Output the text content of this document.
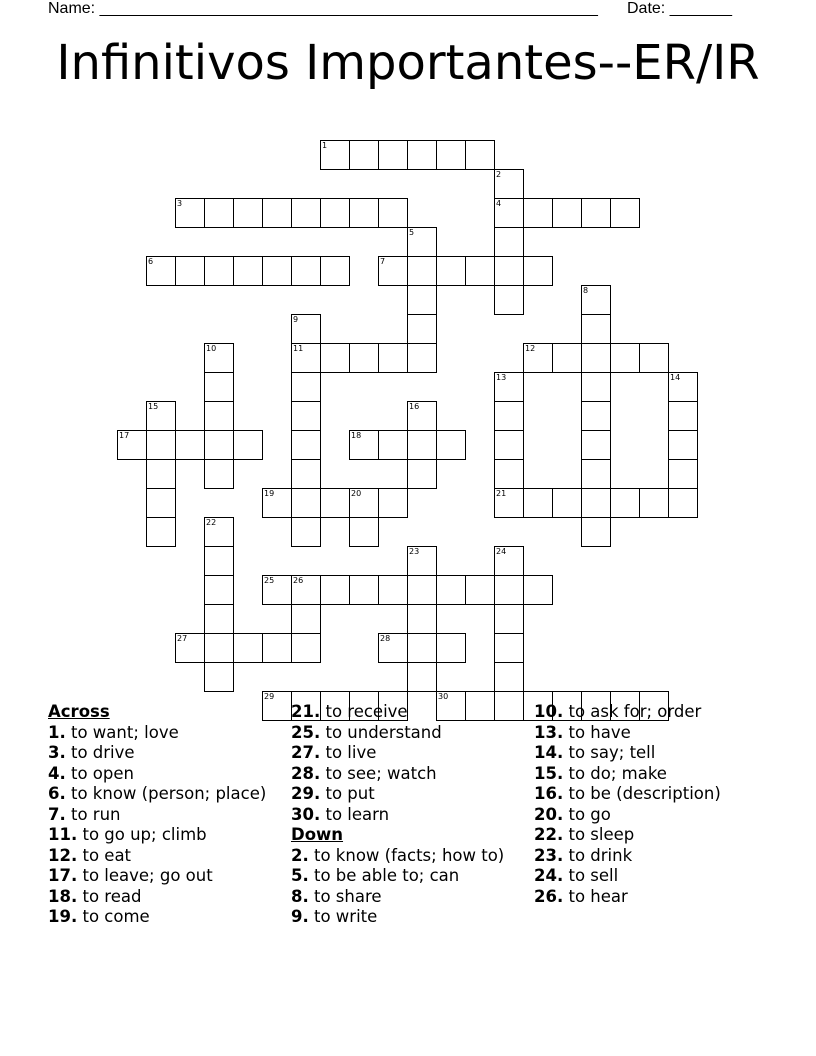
Name: ________________________________________________________ Date: _______
Infinitivos Importantes--ER/IR
1
2
3	4
5
6	7
8
9
10	11	12
13	14
15	16
17	18
19	20	21
22
23	24
25 26
27	28
29	30
Across
1. to want; love
3. to drive
4. to open
6. to know (person; place)
7. to run
11. to go up; climb
12. to eat
17. to leave; go out
18. to read
19. to come
21. to receive
25. to understand
27. to live
28. to see; watch
29. to put
30. to learn
Down
2. to know (facts; how to)
5. to be able to; can
8. to share
9. to write
10. to ask for; order
13. to have
14. to say; tell
15. to do; make
16. to be (description)
20. to go
22. to sleep
23. to drink
24. to sell
26. to hear
